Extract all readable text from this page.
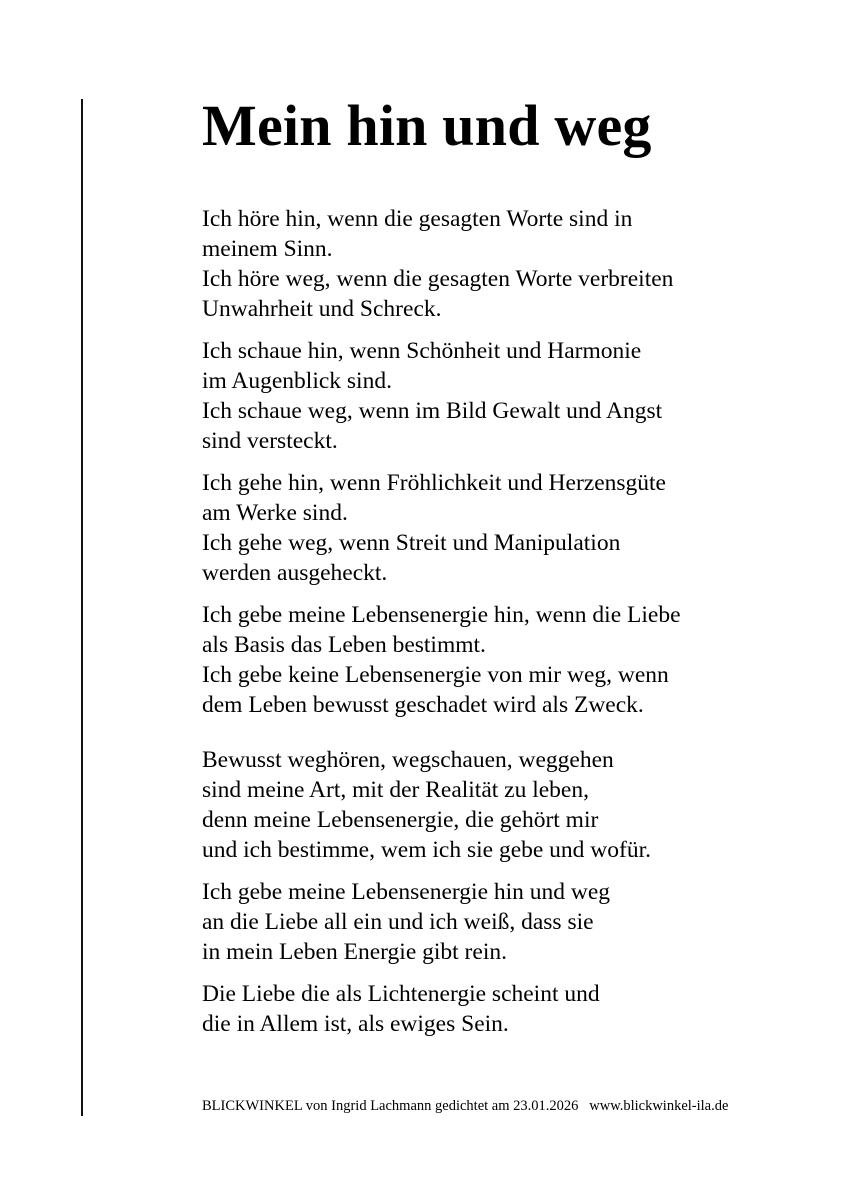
Mein hin und weg
Ich höre hin, wenn die gesagten Worte sind in
meinem Sinn.
Ich höre weg, wenn die gesagten Worte verbreiten
Unwahrheit und Schreck.
Ich schaue hin, wenn Schönheit und Harmonie
im Augenblick sind.
Ich schaue weg, wenn im Bild Gewalt und Angst
sind versteckt.
Ich gehe hin, wenn Fröhlichkeit und Herzensgüte
am Werke sind.
Ich gehe weg, wenn Streit und Manipulation
werden ausgeheckt.
Ich gebe meine Lebensenergie hin, wenn die Liebe
als Basis das Leben bestimmt.
Ich gebe keine Lebensenergie von mir weg, wenn
dem Leben bewusst geschadet wird als Zweck.
Bewusst weghören, wegschauen, weggehen
sind meine Art, mit der Realität zu leben,
denn meine Lebensenergie, die gehört mir
und ich bestimme, wem ich sie gebe und wofür.
Ich gebe meine Lebensenergie hin und weg
an die Liebe all ein und ich weiß, dass sie
in mein Leben Energie gibt rein.
Die Liebe die als Lichtenergie scheint und
die in Allem ist, als ewiges Sein.
BLICKWINKEL von Ingrid Lachmann gedichtet am 23.01.2026   www.blickwinkel-ila.de
